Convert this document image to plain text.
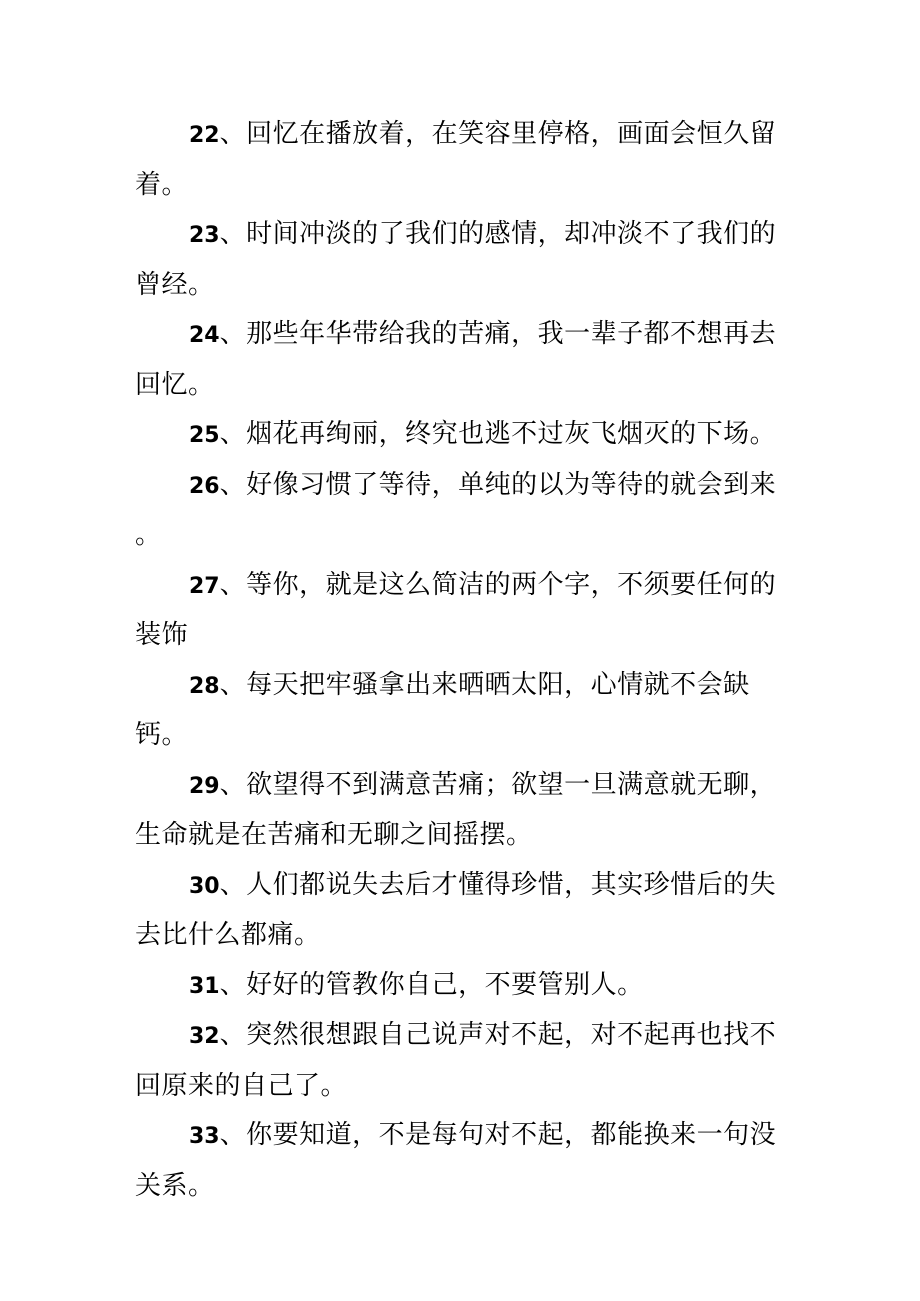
22、回忆在播放着，在笑容里停格，画面会恒久留着。

23、时间冲淡的了我们的感情，却冲淡不了我们的曾经。

24、那些年华带给我的苦痛，我一辈子都不想再去回忆。

25、烟花再绚丽，终究也逃不过灰飞烟灭的下场。

26、好像习惯了等待，单纯的以为等待的就会到来
。

27、等你，就是这么简洁的两个字，不须要任何的装饰

28、每天把牢骚拿出来晒晒太阳，心情就不会缺钙。

29、欲望得不到满意苦痛；欲望一旦满意就无聊，生命就是在苦痛和无聊之间摇摆。

30、人们都说失去后才懂得珍惜，其实珍惜后的失去比什么都痛。

31、好好的管教你自己，不要管别人。

32、突然很想跟自己说声对不起，对不起再也找不回原来的自己了。

33、你要知道，不是每句对不起，都能换来一句没关系。
